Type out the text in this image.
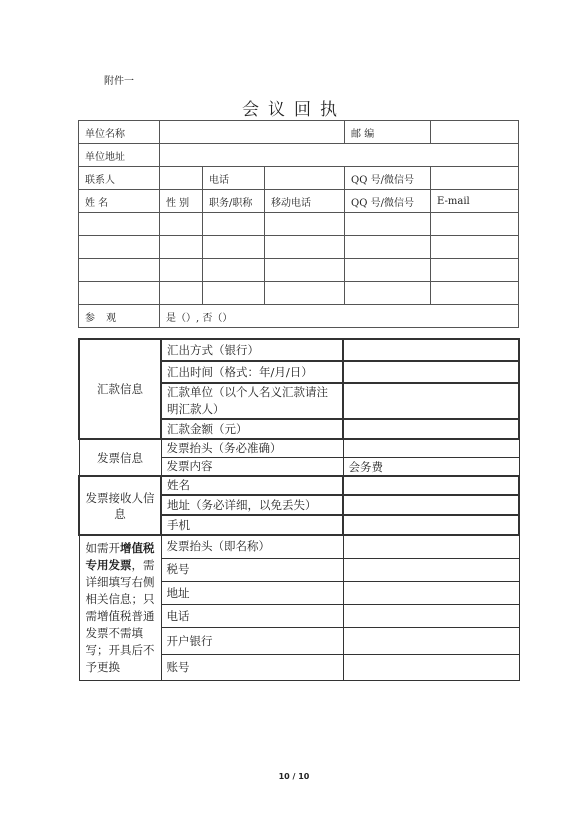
附件一
会议回执
单位名称				邮 编	
单位地址					
联系人		电话		QQ 号/微信号	
姓 名	性 别	职务/职称	移动电话	QQ 号/微信号	E-mail

参 观	是（）, 否（）				
汇款信息	汇出方式（银行）	
	汇出时间（格式：年/月/日）	
	汇款单位（以个人名义汇款请注明汇款人）	
	汇款金额（元）	
发票信息	发票抬头（务必准确）	
	发票内容	会务费
发票接收人信息	姓名	
	地址（务必详细，以免丢失）	
	手机	
如需开增值税专用发票，需详细填写右侧相关信息；只需增值税普通发票不需填写；开具后不予更换	发票抬头（即名称）	
	税号	
	地址	
	电话	
	开户银行	
	账号	
10 / 10
